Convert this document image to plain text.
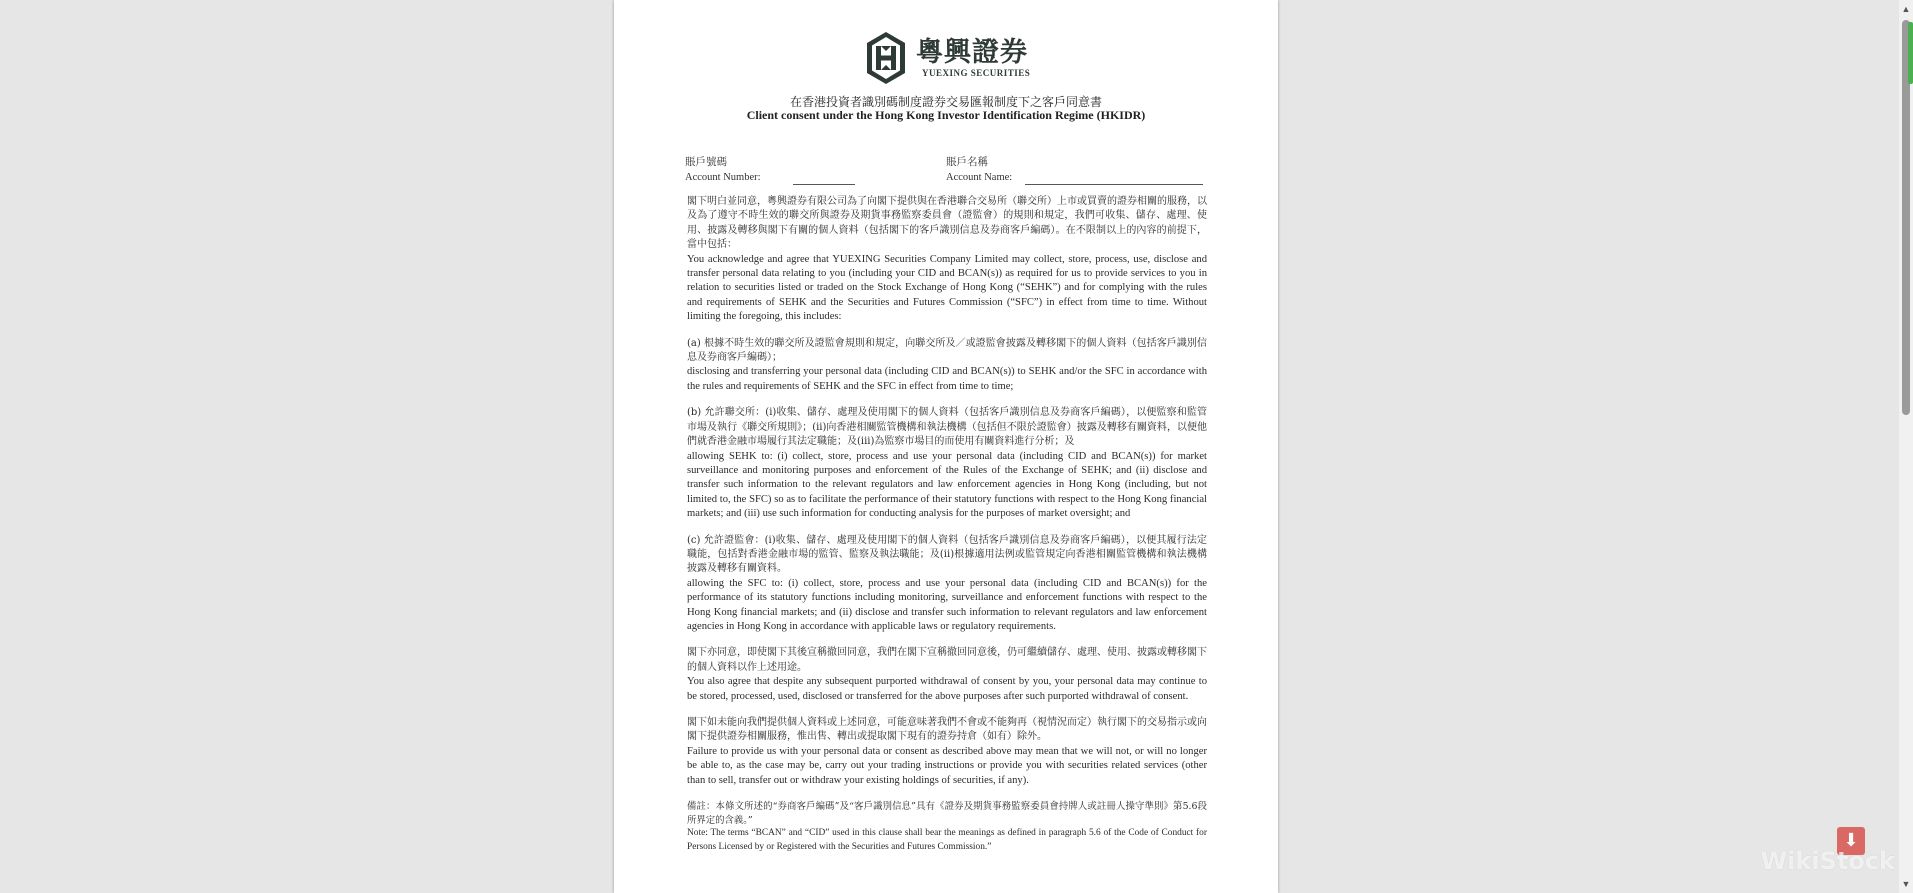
粵興證券
YUEXING SECURITIES
在香港投資者識別碼制度證券交易匯報制度下之客戶同意書
Client consent under the Hong Kong Investor Identification Regime (HKIDR)
賬戶號碼
Account Number:
賬戶名稱
Account Name:

閣下明白並同意，粵興證券有限公司為了向閣下提供與在香港聯合交易所（聯交所）上市或買賣的證券相關的服務，以及為了遵守不時生效的聯交所與證券及期貨事務監察委員會（證監會）的規則和規定，我們可收集、儲存、處理、使用、披露及轉移與閣下有關的個人資料（包括閣下的客戶識別信息及券商客戶編碼）。在不限制以上的內容的前提下，當中包括：

You acknowledge and agree that YUEXING Securities Company Limited may collect, store, process, use, disclose and transfer personal data relating to you (including your CID and BCAN(s)) as required for us to provide services to you in relation to securities listed or traded on the Stock Exchange of Hong Kong (“SEHK”) and for complying with the rules and requirements of SEHK and the Securities and Futures Commission (“SFC”) in effect from time to time. Without limiting the foregoing, this includes:

(a) 根據不時生效的聯交所及證監會規則和規定，向聯交所及／或證監會披露及轉移閣下的個人資料（包括客戶識別信息及券商客戶編碼）；

disclosing and transferring your personal data (including CID and BCAN(s)) to SEHK and/or the SFC in accordance with the rules and requirements of SEHK and the SFC in effect from time to time;

(b) 允許聯交所：(i)收集、儲存、處理及使用閣下的個人資料（包括客戶識別信息及券商客戶編碼），以便監察和監管市場及執行《聯交所規則》；(ii)向香港相關監管機構和執法機構（包括但不限於證監會）披露及轉移有關資料，以便他們就香港金融市場履行其法定職能；及(iii)為監察市場目的而使用有關資料進行分析；及

allowing SEHK to: (i) collect, store, process and use your personal data (including CID and BCAN(s)) for market surveillance and monitoring purposes and enforcement of the Rules of the Exchange of SEHK; and (ii) disclose and transfer such information to the relevant regulators and law enforcement agencies in Hong Kong (including, but not limited to, the SFC) so as to facilitate the performance of their statutory functions with respect to the Hong Kong financial markets; and (iii) use such information for conducting analysis for the purposes of market oversight; and

(c) 允許證監會：(i)收集、儲存、處理及使用閣下的個人資料（包括客戶識別信息及券商客戶編碼），以便其履行法定職能，包括對香港金融市場的監管、監察及執法職能；及(ii)根據適用法例或監管規定向香港相關監管機構和執法機構披露及轉移有關資料。

allowing the SFC to: (i) collect, store, process and use your personal data (including CID and BCAN(s)) for the performance of its statutory functions including monitoring, surveillance and enforcement functions with respect to the Hong Kong financial markets; and (ii) disclose and transfer such information to relevant regulators and law enforcement agencies in Hong Kong in accordance with applicable laws or regulatory requirements.

閣下亦同意，即使閣下其後宣稱撤回同意，我們在閣下宣稱撤回同意後，仍可繼續儲存、處理、使用、披露或轉移閣下的個人資料以作上述用途。

You also agree that despite any subsequent purported withdrawal of consent by you, your personal data may continue to be stored, processed, used, disclosed or transferred for the above purposes after such purported withdrawal of consent.

閣下如未能向我們提供個人資料或上述同意，可能意味著我們不會或不能夠再（視情況而定）執行閣下的交易指示或向閣下提供證券相關服務，惟出售、轉出或提取閣下現有的證券持倉（如有）除外。

Failure to provide us with your personal data or consent as described above may mean that we will not, or will no longer be able to, as the case may be, carry out your trading instructions or provide you with securities related services (other than to sell, transfer out or withdraw your existing holdings of securities, if any).

備註：本條文所述的“券商客戶編碼”及“客戶識別信息”具有《證券及期貨事務監察委員會持牌人或註冊人操守準則》第5.6段所界定的含義。”

Note: The terms “BCAN” and “CID” used in this clause shall bear the meanings as defined in paragraph 5.6 of the Code of Conduct for Persons Licensed by or Registered with the Securities and Futures Commission.”

▲
▼
⬇
WikiStock
